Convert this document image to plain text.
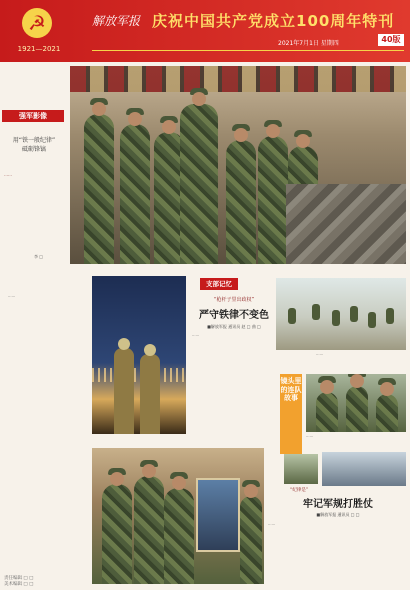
☭
1921—2021
解放军报 庆祝中国共产党成立100周年特刊
2021年7月1日 星期四	40版
强军影像
用“铁一般纪律”
砥砺锋镐
……
李 □
……
支部记忆
“枪杆子里出政权”
严守铁律不变色
■解放军报 通讯员 赵 □ 曲 □
……
……
镜头里的连队故事
……
“纪律是”
牢记军规打胜仗
■解放军报 通讯员 □ □
……
责任编辑 □ □
美术编辑 □ □
